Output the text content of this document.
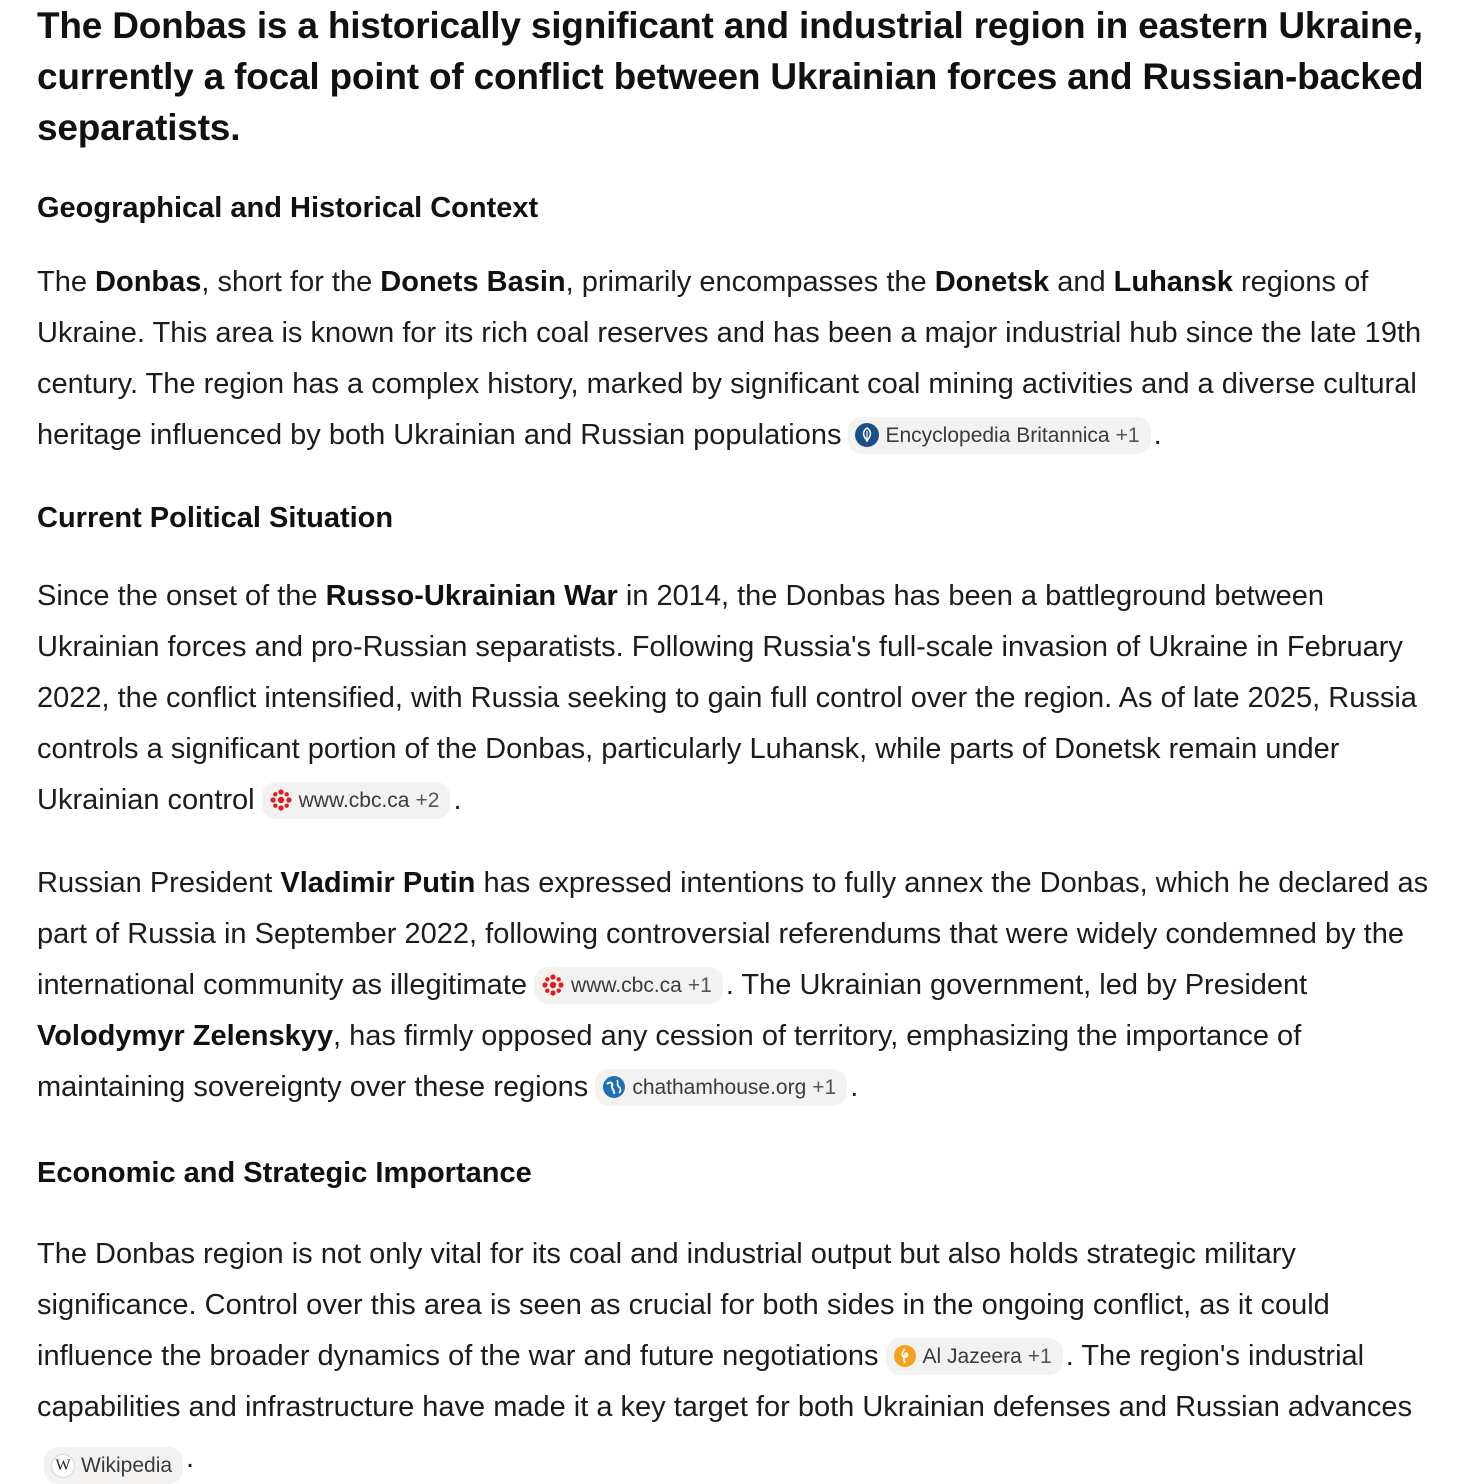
The Donbas is a historically significant and industrial region in eastern Ukraine, currently a focal point of conflict between Ukrainian forces and Russian-backed separatists.
Geographical and Historical Context

The Donbas, short for the Donets Basin, primarily encompasses the Donetsk and Luhansk regions of Ukraine. This area is known for its rich coal reserves and has been a major industrial hub since the late 19th century. The region has a complex history, marked by significant coal mining activities and a diverse cultural heritage influenced by both Ukrainian and Russian populations Encyclopedia Britannica +1 .

Current Political Situation

Since the onset of the Russo-Ukrainian War in 2014, the Donbas has been a battleground between Ukrainian forces and pro-Russian separatists. Following Russia's full-scale invasion of Ukraine in February 2022, the conflict intensified, with Russia seeking to gain full control over the region. As of late 2025, Russia controls a significant portion of the Donbas, particularly Luhansk, while parts of Donetsk remain under Ukrainian control www.cbc.ca +2 .

Russian President Vladimir Putin has expressed intentions to fully annex the Donbas, which he declared as part of Russia in September 2022, following controversial referendums that were widely condemned by the international community as illegitimate www.cbc.ca +1 . The Ukrainian government, led by President Volodymyr Zelenskyy, has firmly opposed any cession of territory, emphasizing the importance of maintaining sovereignty over these regions chathamhouse.org +1 .

Economic and Strategic Importance

The Donbas region is not only vital for its coal and industrial output but also holds strategic military significance. Control over this area is seen as crucial for both sides in the ongoing conflict, as it could influence the broader dynamics of the war and future negotiations Al Jazeera +1 . The region's industrial capabilities and infrastructure have made it a key target for both Ukrainian defenses and Russian advances
W Wikipedia .
